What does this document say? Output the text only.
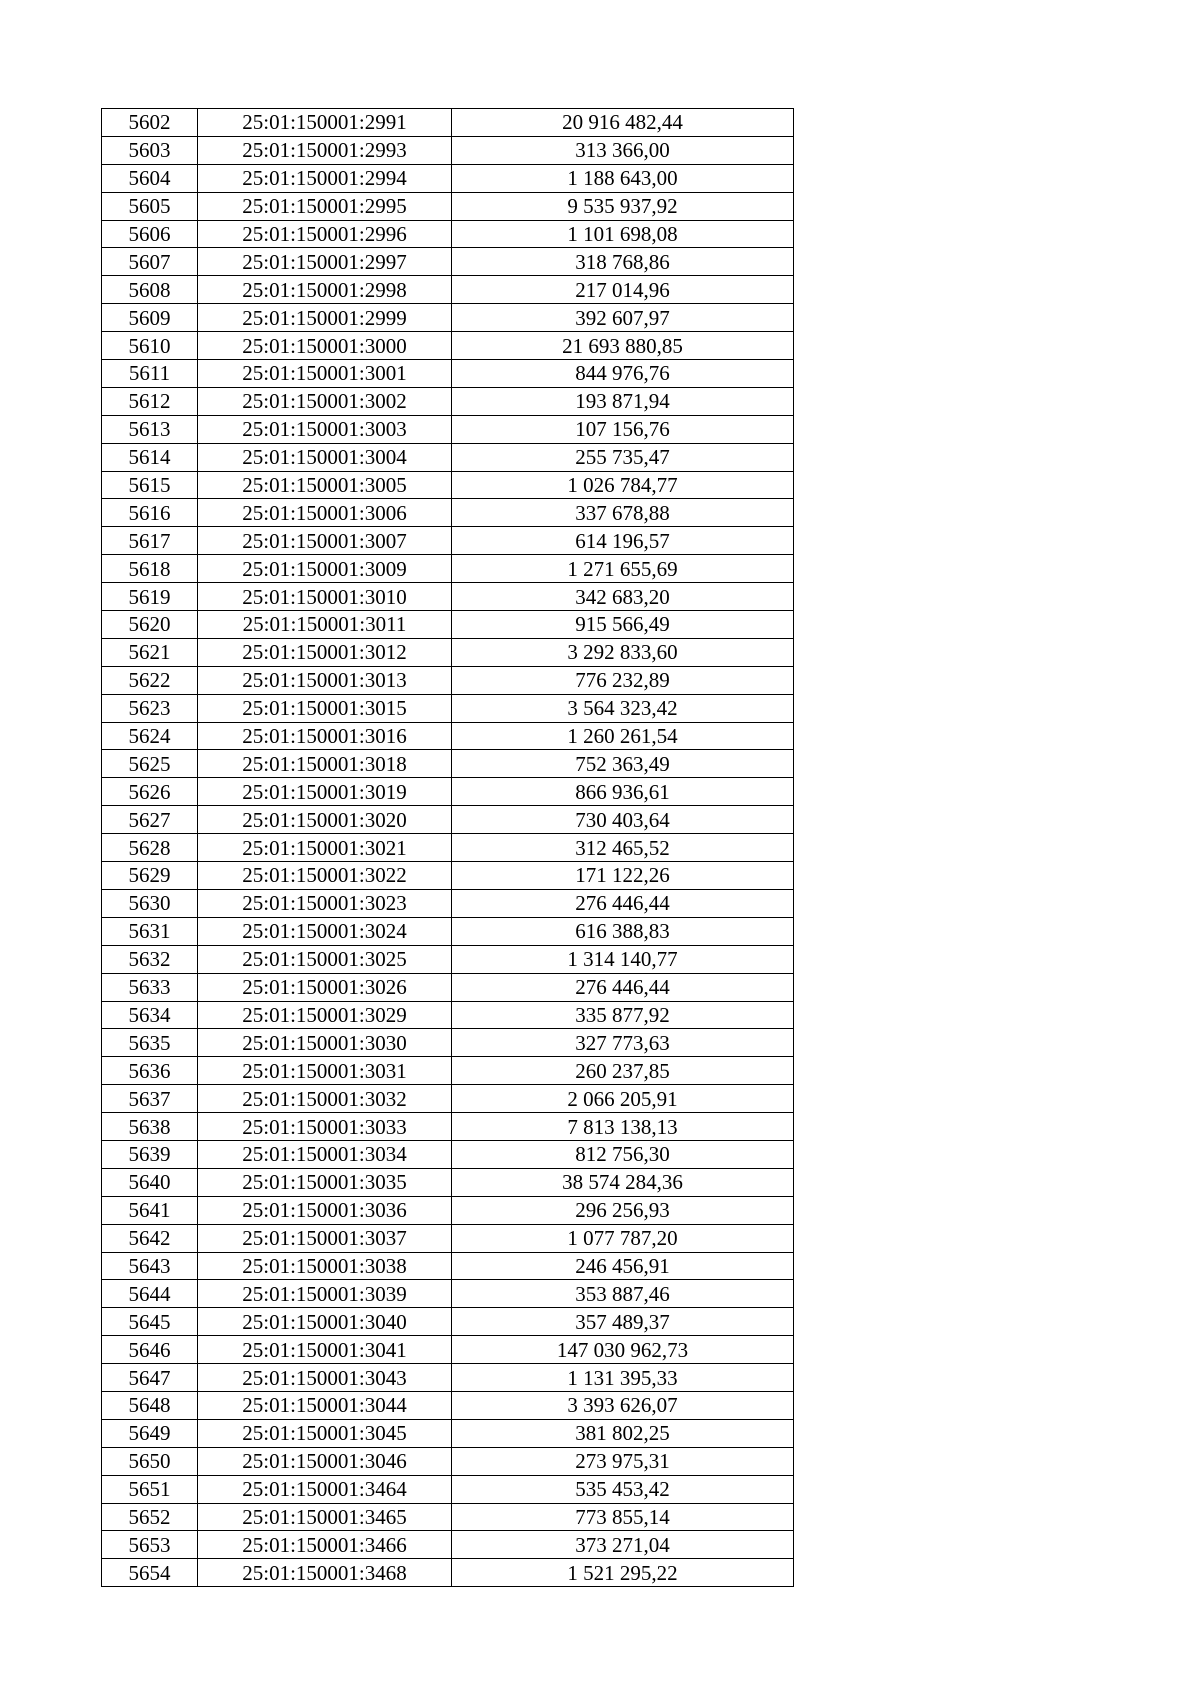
5602	25:01:150001:2991	20 916 482,44
5603	25:01:150001:2993	313 366,00
5604	25:01:150001:2994	1 188 643,00
5605	25:01:150001:2995	9 535 937,92
5606	25:01:150001:2996	1 101 698,08
5607	25:01:150001:2997	318 768,86
5608	25:01:150001:2998	217 014,96
5609	25:01:150001:2999	392 607,97
5610	25:01:150001:3000	21 693 880,85
5611	25:01:150001:3001	844 976,76
5612	25:01:150001:3002	193 871,94
5613	25:01:150001:3003	107 156,76
5614	25:01:150001:3004	255 735,47
5615	25:01:150001:3005	1 026 784,77
5616	25:01:150001:3006	337 678,88
5617	25:01:150001:3007	614 196,57
5618	25:01:150001:3009	1 271 655,69
5619	25:01:150001:3010	342 683,20
5620	25:01:150001:3011	915 566,49
5621	25:01:150001:3012	3 292 833,60
5622	25:01:150001:3013	776 232,89
5623	25:01:150001:3015	3 564 323,42
5624	25:01:150001:3016	1 260 261,54
5625	25:01:150001:3018	752 363,49
5626	25:01:150001:3019	866 936,61
5627	25:01:150001:3020	730 403,64
5628	25:01:150001:3021	312 465,52
5629	25:01:150001:3022	171 122,26
5630	25:01:150001:3023	276 446,44
5631	25:01:150001:3024	616 388,83
5632	25:01:150001:3025	1 314 140,77
5633	25:01:150001:3026	276 446,44
5634	25:01:150001:3029	335 877,92
5635	25:01:150001:3030	327 773,63
5636	25:01:150001:3031	260 237,85
5637	25:01:150001:3032	2 066 205,91
5638	25:01:150001:3033	7 813 138,13
5639	25:01:150001:3034	812 756,30
5640	25:01:150001:3035	38 574 284,36
5641	25:01:150001:3036	296 256,93
5642	25:01:150001:3037	1 077 787,20
5643	25:01:150001:3038	246 456,91
5644	25:01:150001:3039	353 887,46
5645	25:01:150001:3040	357 489,37
5646	25:01:150001:3041	147 030 962,73
5647	25:01:150001:3043	1 131 395,33
5648	25:01:150001:3044	3 393 626,07
5649	25:01:150001:3045	381 802,25
5650	25:01:150001:3046	273 975,31
5651	25:01:150001:3464	535 453,42
5652	25:01:150001:3465	773 855,14
5653	25:01:150001:3466	373 271,04
5654	25:01:150001:3468	1 521 295,22
